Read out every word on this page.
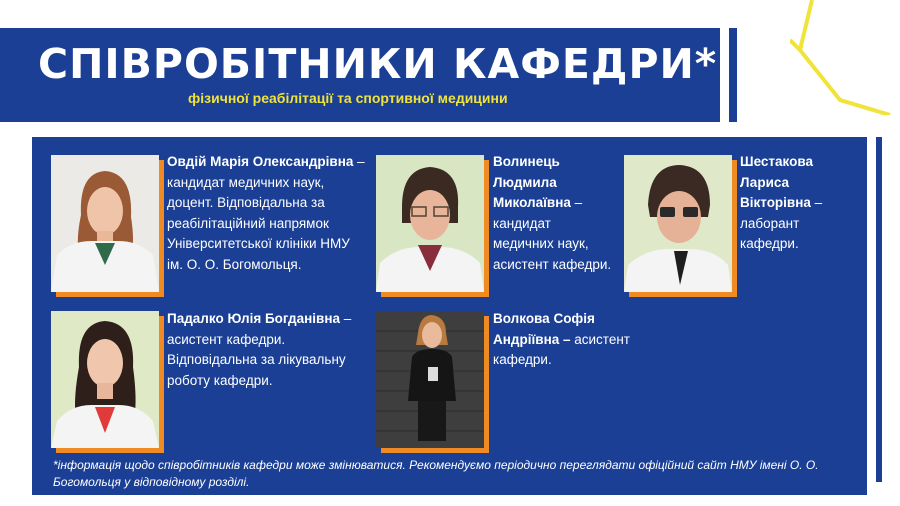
СПІВРОБІТНИКИ КАФЕДРИ*
фізичної реабілітації та спортивної медицини
Овдій Марія Олександрівна – кандидат медичних наук, доцент. Відповідальна за реабілітаційний напрямок Університетської клініки НМУ ім. О. О. Богомольця.
Волинець Людмила Миколаївна – кандидат медичних наук, асистент кафедри.
Шестакова Лариса Вікторівна – лаборант кафедри.
Падалко Юлія Богданівна – асистент кафедри. Відповідальна за лікувальну роботу кафедри.
Волкова Софія Андріївна – асистент кафедри.
*інформація щодо співробітників кафедри може змінюватися. Рекомендуємо періодично переглядати офіційний сайт НМУ імені О. О. Богомольця у відповідному розділі.
